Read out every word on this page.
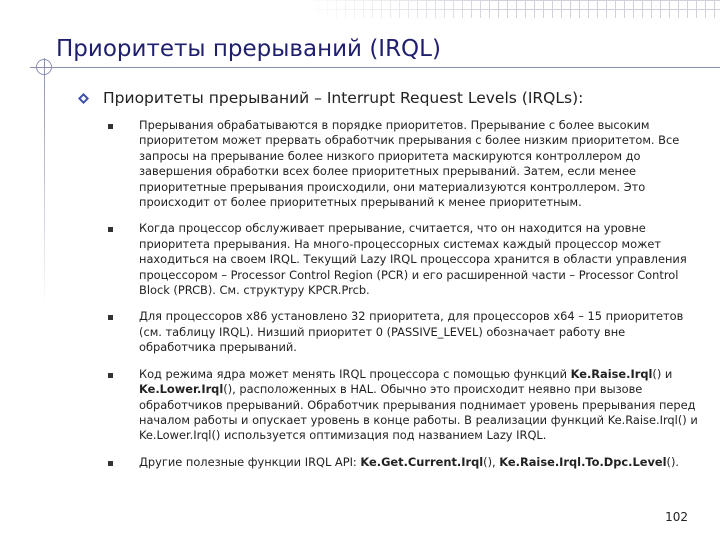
Приоритеты прерываний (IRQL)
Приоритеты прерываний – Interrupt Request Levels (IRQLs):
Прерывания обрабатываются в порядке приоритетов. Прерывание с более высоким приоритетом может прервать обработчик прерывания с более низким приоритетом. Все запросы на прерывание более низкого приоритета маскируются контроллером до завершения обработки всех более приоритетных прерываний. Затем, если менее приоритетные прерывания происходили, они материализуются контроллером. Это происходит от более приоритетных прерываний к менее приоритетным.
Когда процессор обслуживает прерывание, считается, что он находится на уровне приоритета прерывания. На много-процессорных системах каждый процессор может находиться на своем IRQL. Текущий Lazy IRQL процессора хранится в области управления процессором – Processor Control Region (PCR) и его расширенной части – Processor Control Block (PRCB). См. структуру KPCR.Prcb.
Для процессоров x86 установлено 32 приоритета, для процессоров x64 – 15 приоритетов (см. таблицу IRQL). Низший приоритет 0 (PASSIVE_LEVEL) обозначает работу вне обработчика прерываний.
Код режима ядра может менять IRQL процессора с помощью функций Ke.Raise.Irql() и Ke.Lower.Irql(), расположенных в HAL. Обычно это происходит неявно при вызове обработчиков прерываний. Обработчик прерывания поднимает уровень прерывания перед началом работы и опускает уровень в конце работы. В реализации функций Ke.Raise.Irql() и Ke.Lower.Irql() используется оптимизация под названием Lazy IRQL.
Другие полезные функции IRQL API: Ke.Get.Current.Irql(), Ke.Raise.Irql.To.Dpc.Level().
102
